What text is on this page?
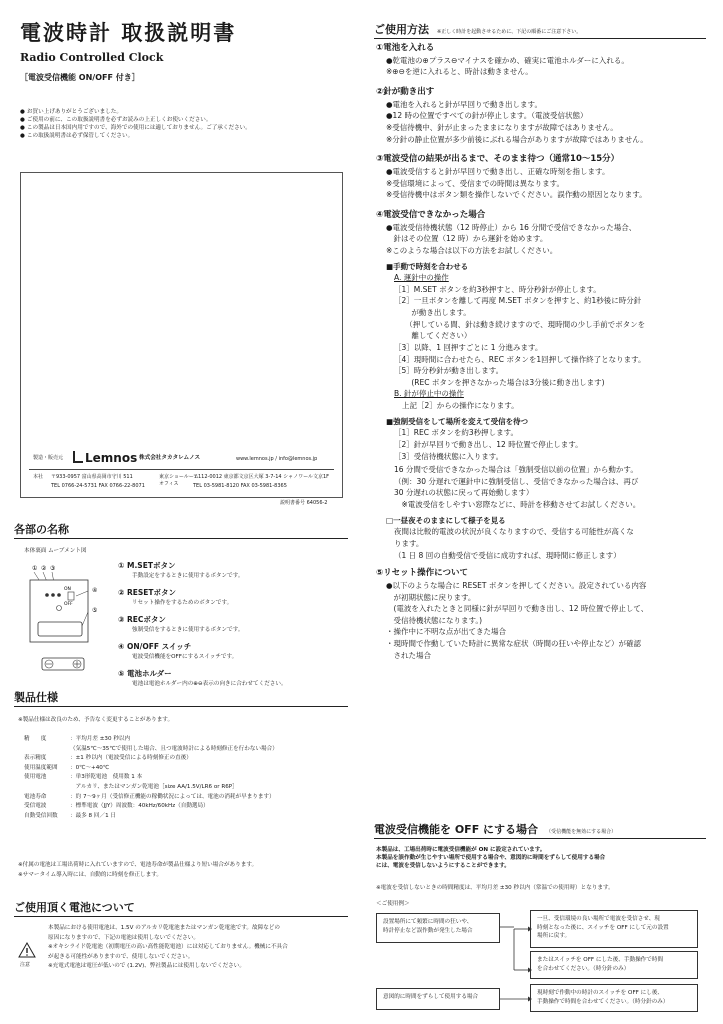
電波時計 取扱説明書
Radio Controlled Clock
［電波受信機能 ON/OFF 付き］
● お買い上げありがとうございました。
● ご使用の前に、この取扱説明書を必ずお読みの上正しくお使いください。
● この製品は日本国内用ですので、海外での使用には適しておりません。ご了承ください。
● この取扱説明書は必ず保管してください。
製造・販売元 Lemnos 株式会社タカタレムノス	www.lemnos.jp / info@lemnos.jp
本社 〒933-0957 富山県高岡市守川 511
TEL 0766-24-5731 FAX 0766-22-8071
東京ショールーム
オフィス
〒112-0012 東京都文京区大塚 3-7-14 シャノワール文京1F
TEL 03-5981-8120 FAX 03-5981-8365
説明書番号 64056-2
各部の名称
本体裏面 ムーブメント図
① ② ③
④
⑤
ON
OFF
① M.SETボタン
手動設定をするときに使用するボタンです。
② RESETボタン
リセット操作をするためのボタンです。
③ RECボタン
強制受信をするときに使用するボタンです。
④ ON/OFF スイッチ
電波受信機能をOFFにするスイッチです。
⑤ 電池ホルダー
電池は電池ホルダー内の⊕⊖表示の向きに合わせてください。
製品仕様
※製品仕様は改良のため、予告なく変更することがあります。
精　　度	：平均月差 ±30 秒以内
（気温5℃〜35℃で使用した場合、且つ電波時計による時刻修正を行わない場合）
表示精度	：±1 秒以内（電波受信による時刻修正の直後）
使用温度範囲	：0℃〜+40℃
使用電池	：単3形乾電池　使用数 1 本
　アルカリ、またはマンガン乾電池［size AA/1.5V/LR6 or R6P］
電池寿命	：約 7〜9ヶ月（受信修正機能の稼働状況によっては、電池の消耗が早まります）
受信電波	：標準電波（JJY）周波数：40kHz/60kHz（自動選局）
自動受信回数	：最多 8 回／1 日
※付属の電池は工場出荷時に入れていますので、電池寿命が製品仕様より短い場合があります。
※サマータイム導入時には、自動的に時刻を修正します。
ご使用頂く電池について
注意
本製品における使用電池は、1.5V のアルカリ乾電池またはマンガン乾電池です。故障などの
原因になりますので、下記の電池は使用しないでください。
※オキシライド乾電池（初期電圧の高い高性能乾電池）には対応しておりません。機械に不具合
が起きる可能性がありますので、使用しないでください。
※充電式電池は電圧が低いので (1.2V)、弊社製品には使用しないでください。
ご使用方法 ※正しく時計を起動させるために、下記の順番にご注意下さい。
①電池を入れる
●乾電池の⊕プラス⊖マイナスを確かめ、確実に電池ホルダーに入れる。
※⊕⊖を逆に入れると、時計は動きません。
②針が動き出す
●電池を入れると針が早回りで動き出します。
●12 時の位置ですべての針が停止します。（電波受信状態）
※受信待機中、針が止まったままになりますが故障ではありません。
※分針の静止位置が多少前後にぶれる場合がありますが故障ではありません。
③電波受信の結果が出るまで、そのまま待つ（通常10〜15分）
●電波受信すると針が早回りで動き出し、正確な時刻を指します。
※受信環境によって、受信までの時間は異なります。
※受信待機中はボタン類を操作しないでください。誤作動の原因となります。
④電波受信できなかった場合
●電波受信待機状態（12 時停止）から 16 分間で受信できなかった場合、
　針はその位置（12 時）から運針を始めます。
※このような場合は以下の方法をお試しください。
■手動で時刻を合わせる
A. 運針中の操作
［1］M.SET ボタンを約3秒押すと、時分秒針が停止します。
［2］一旦ボタンを離して再度 M.SET ボタンを押すと、約1秒後に時分針
　　 が動き出します。
　　（押している間、針は動き続けますので、現時間の少し手前でボタンを
　　 離してください）
［3］以降、1 回押すごとに 1 分進みます。
［4］現時間に合わせたら、REC ボタンを1回押して操作終了となります。
［5］時分秒針が動き出します。
　　 (REC ボタンを押さなかった場合は3分後に動き出します)
B. 針が停止中の操作
上記［2］からの操作になります。
■強制受信をして場所を変えて受信を待つ
［1］REC ボタンを約3秒押します。
［2］針が早回りで動き出し、12 時位置で停止します。
［3］受信待機状態に入ります。
16 分間で受信できなかった場合は「強制受信以前の位置」から動かす。
（例：30 分遅れで運針中に強制受信し、受信できなかった場合は、再び
30 分遅れの状態に戻って再始動します）
　※電波受信をしやすい窓際などに、時計を移動させてお試しください。
□一昼夜そのままにして様子を見る
夜間は比較的電波の状況が良くなりますので、受信する可能性が高くな
ります。
（1 日 8 回の自動受信で受信に成功すれば、現時間に修正します）
⑤リセット操作について
●以下のような場合に RESET ボタンを押してください。設定されている内容
　が初期状態に戻ります。
　(電波を入れたときと同様に針が早回りで動き出し、12 時位置で停止して、
　受信待機状態になります。)
・操作中に不明な点が出てきた場合
・現時間で作動していた時計に異常な症状（時間の狂いや停止など）が確認
　された場合
電波受信機能を OFF にする場合 （受信機能を無効にする場合）
本製品は、工場出荷時に電波受信機能が ON に設定されています。
本製品を誤作動が生じやすい場所で使用する場合や、意図的に時間をずらして使用する場合
には、電波を受信しないようにすることができます。
※電波を受信しないときの時間精度は、平均月差 ±30 秒以内（常温での使用時）となります。
＜ご使用例＞
設置場所にて頻繁に時間の狂いや、
時計停止など誤作動が発生した場合
一旦、受信環境の良い場所で電波を受信させ、現
時刻となった後に、スイッチを OFF にして元の設置
場所に戻す。
またはスイッチを OFF にした後、手動操作で時間
を合わせてください。（時分針のみ）
意図的に時間をずらして使用する場合
現時刻で作動中の時計のスイッチを OFF にし後、
手動操作で時間を合わせてください。（時分針のみ）
